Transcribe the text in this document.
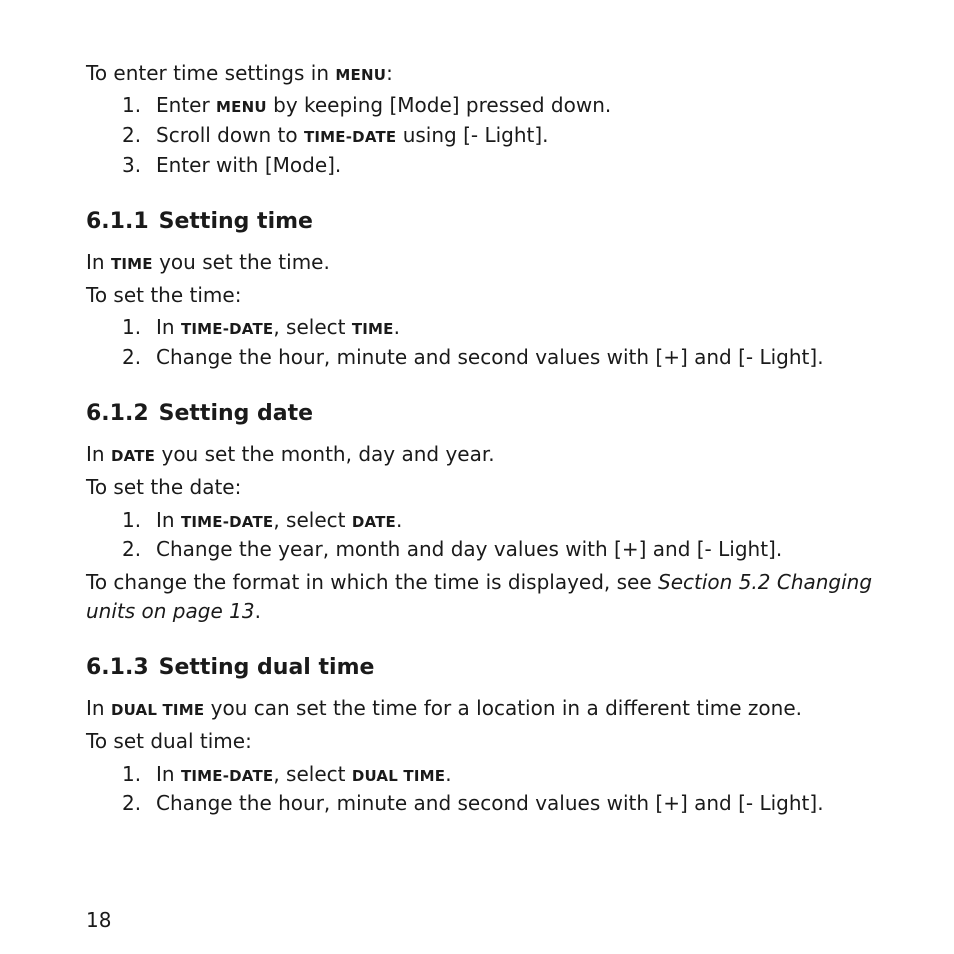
To enter time settings in MENU:
1. Enter MENU by keeping [Mode] pressed down.
2. Scroll down to TIME-DATE using [- Light].
3. Enter with [Mode].
6.1.1 Setting time
In TIME you set the time.
To set the time:
1. In TIME-DATE, select TIME.
2. Change the hour, minute and second values with [+] and [- Light].
6.1.2 Setting date
In DATE you set the month, day and year.
To set the date:
1. In TIME-DATE, select DATE.
2. Change the year, month and day values with [+] and [- Light].
To change the format in which the time is displayed, see Section 5.2 Changing
units on page 13.
6.1.3 Setting dual time
In DUAL TIME you can set the time for a location in a different time zone.
To set dual time:
1. In TIME-DATE, select DUAL TIME.
2. Change the hour, minute and second values with [+] and [- Light].
18
